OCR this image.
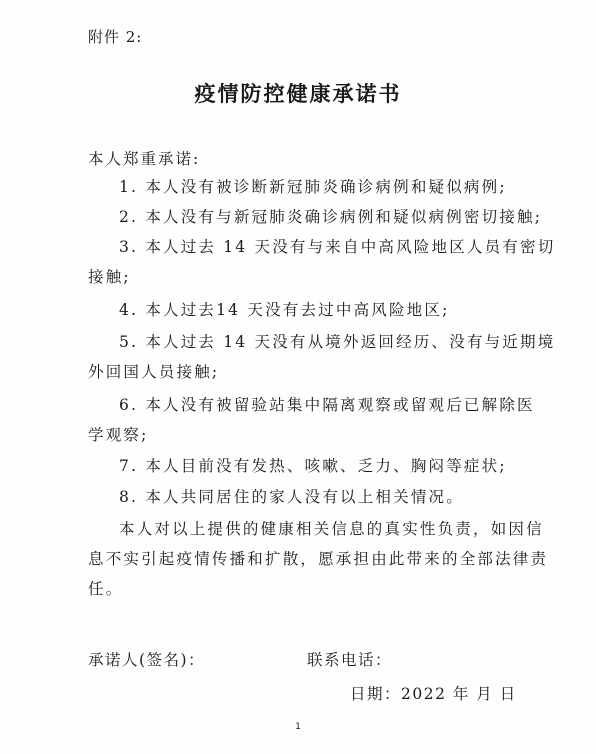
附件 2:
疫情防控健康承诺书
本人郑重承诺:
1. 本人没有被诊断新冠肺炎确诊病例和疑似病例;
2. 本人没有与新冠肺炎确诊病例和疑似病例密切接触;
3. 本人过去 14 天没有与来自中高风险地区人员有密切
接触;
4. 本人过去14 天没有去过中高风险地区;
5. 本人过去 14 天没有从境外返回经历、没有与近期境
外回国人员接触;
6. 本人没有被留验站集中隔离观察或留观后已解除医
学观察;
7. 本人目前没有发热、咳嗽、乏力、胸闷等症状;
8. 本人共同居住的家人没有以上相关情况。
本人对以上提供的健康相关信息的真实性负责，如因信
息不实引起疫情传播和扩散，愿承担由此带来的全部法律责
任。
承诺人(签名)：	联系电话：
日期：2022 年 月 日
1
